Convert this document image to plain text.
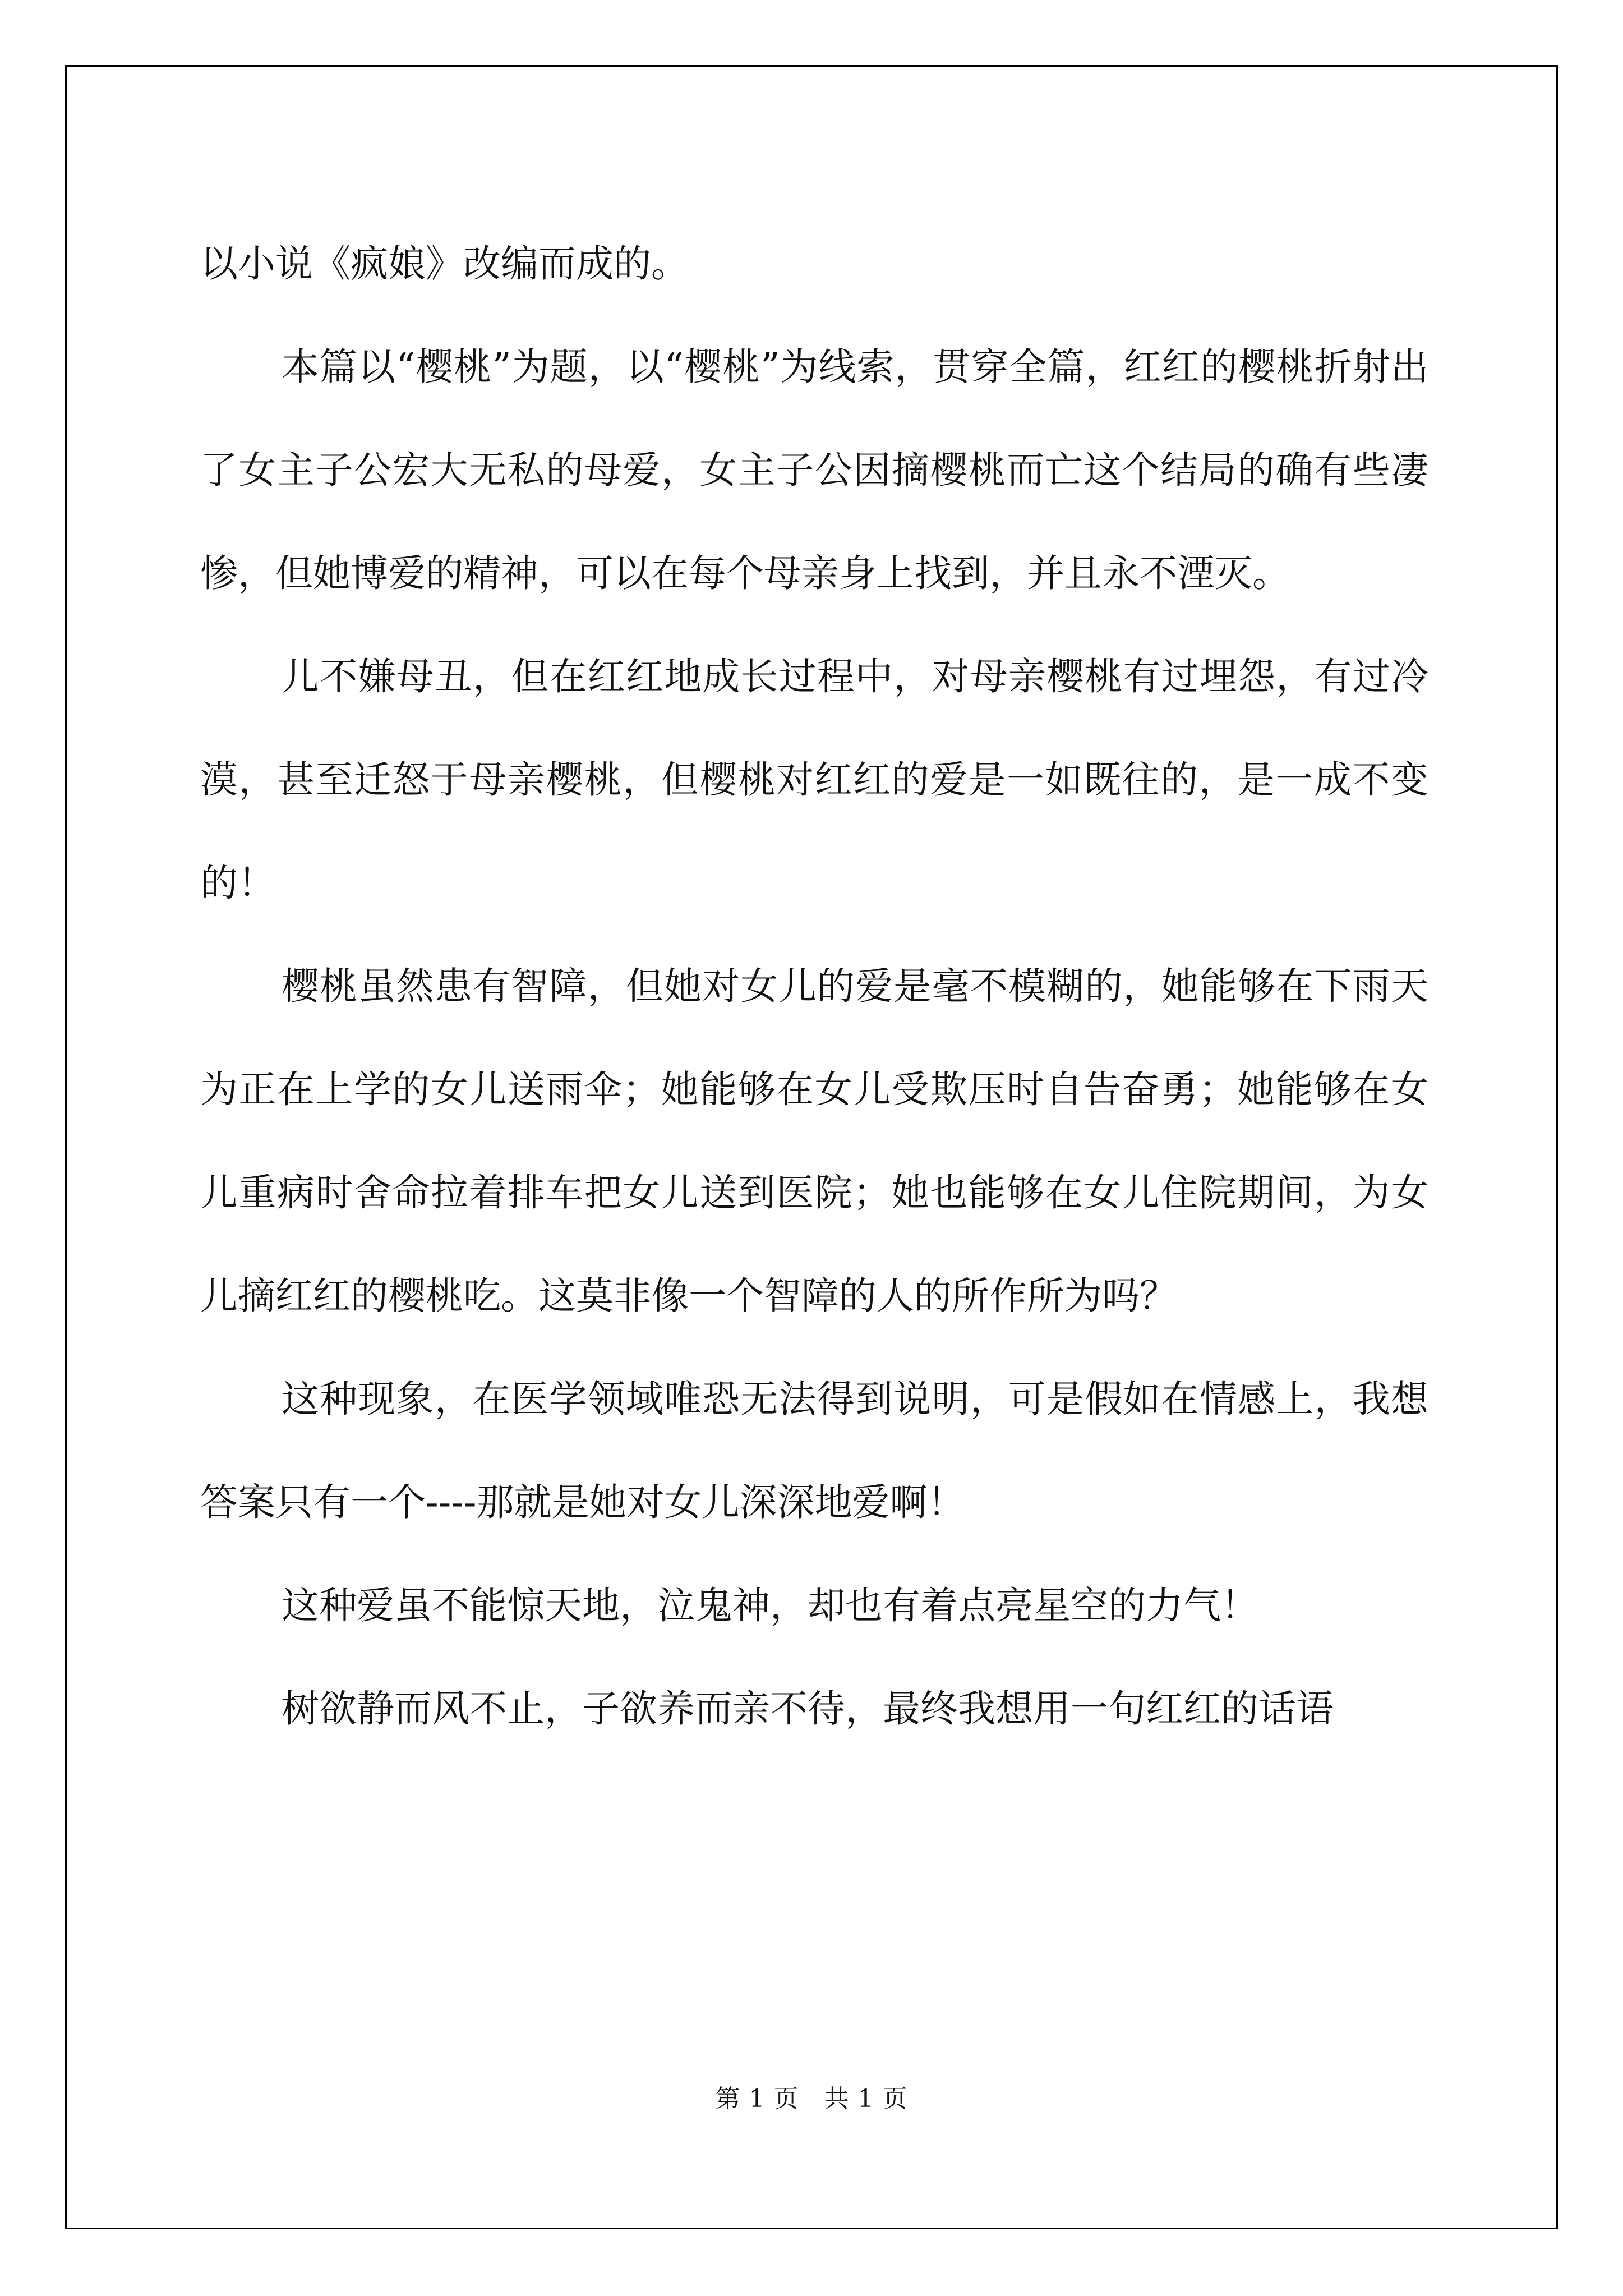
以小说《疯娘》改编而成的。

本篇以“樱桃”为题，以“樱桃”为线索，贯穿全篇，红红的樱桃折射出了女主子公宏大无私的母爱，女主子公因摘樱桃而亡这个结局的确有些凄惨，但她博爱的精神，可以在每个母亲身上找到，并且永不湮灭。

儿不嫌母丑，但在红红地成长过程中，对母亲樱桃有过埋怨，有过冷漠，甚至迁怒于母亲樱桃，但樱桃对红红的爱是一如既往的，是一成不变的！

樱桃虽然患有智障，但她对女儿的爱是毫不模糊的，她能够在下雨天为正在上学的女儿送雨伞；她能够在女儿受欺压时自告奋勇；她能够在女儿重病时舍命拉着排车把女儿送到医院；她也能够在女儿住院期间，为女儿摘红红的樱桃吃。这莫非像一个智障的人的所作所为吗？

这种现象，在医学领域唯恐无法得到说明，可是假如在情感上，我想答案只有一个----那就是她对女儿深深地爱啊！

这种爱虽不能惊天地，泣鬼神，却也有着点亮星空的力气！

树欲静而风不止，子欲养而亲不待，最终我想用一句红红的话语

第 1 页　共 1 页
